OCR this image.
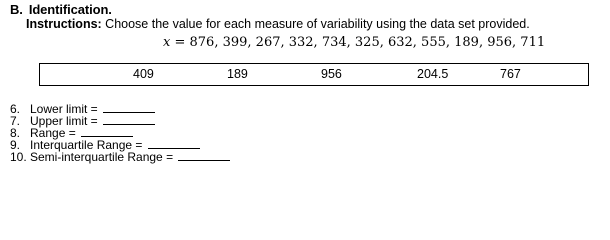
B. Identification.
Instructions: Choose the value for each measure of variability using the data set provided.
x = 876, 399, 267, 332, 734, 325, 632, 555, 189, 956, 711
409	189	956	204.5	767
6. Lower limit =
7. Upper limit =
8. Range =
9. Interquartile Range =
10. Semi-interquartile Range =
